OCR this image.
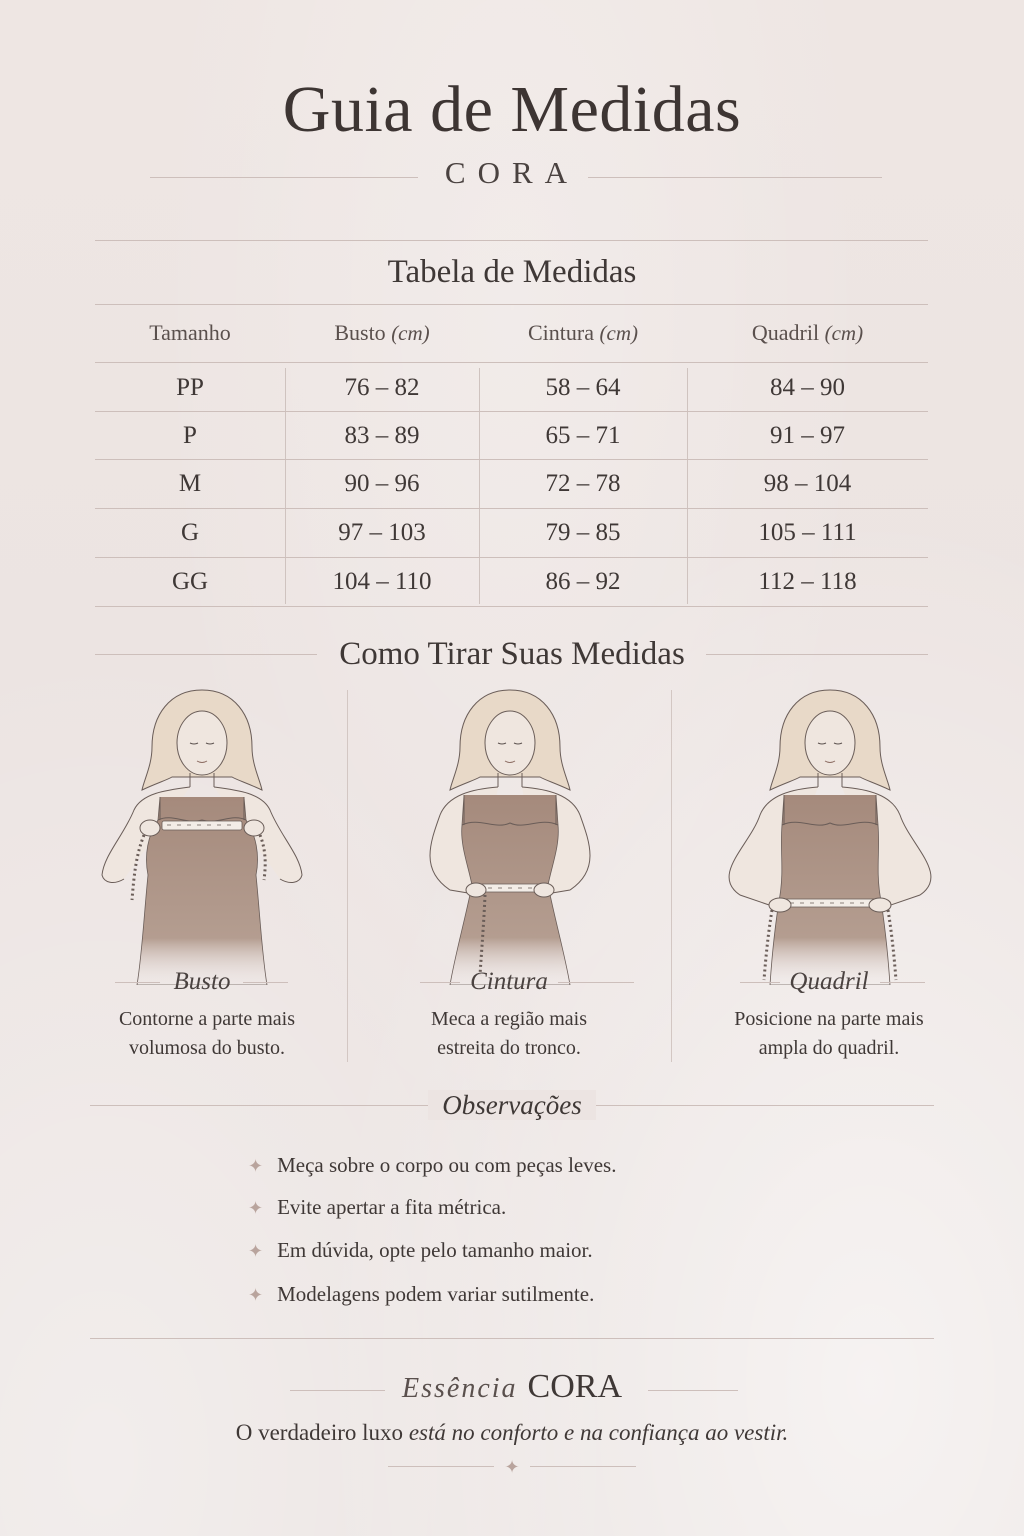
Guia de Medidas
CORA
Tabela de Medidas
Tamanho	Busto (cm)	Cintura (cm)	Quadril (cm)
PP	76 – 82	58 – 64	84 – 90
P	83 – 89	65 – 71	91 – 97
M	90 – 96	72 – 78	98 – 104
G	97 – 103	79 – 85	105 – 111
GG	104 – 110	86 – 92	112 – 118
Como Tirar Suas Medidas
Busto
Contorne a parte mais
volumosa do busto.
Cintura
Meca a região mais
estreita do tronco.
Quadril
Posicione na parte mais
ampla do quadril.
Observações
✦ Meça sobre o corpo ou com peças leves.
✦ Evite apertar a fita métrica.
✦ Em dúvida, opte pelo tamanho maior.
✦ Modelagens podem variar sutilmente.
Essência CORA
O verdadeiro luxo está no conforto e na confiança ao vestir.
✦
